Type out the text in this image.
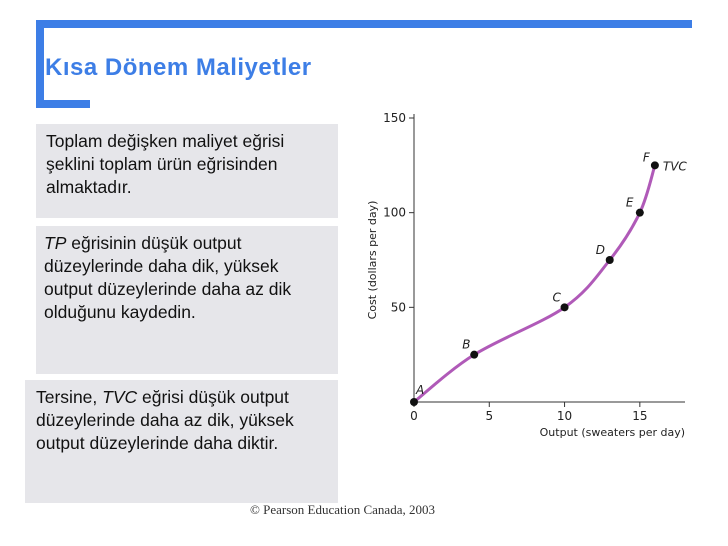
Kısa Dönem Maliyetler

Toplam değişken maliyet eğrisi şeklini toplam ürün eğrisinden almaktadır.

TP eğrisinin düşük output düzeylerinde daha dik, yüksek output düzeylerinde daha az dik olduğunu kaydedin.

Tersine, TVC eğrisi düşük output düzeylerinde daha az dik, yüksek output düzeylerinde daha diktir.

0	5	10	15
50
100
150
A
B
C
D
E
F
Cost (dollars per day)
Output (sweaters per day)
TVC
© Pearson Education Canada, 2003
